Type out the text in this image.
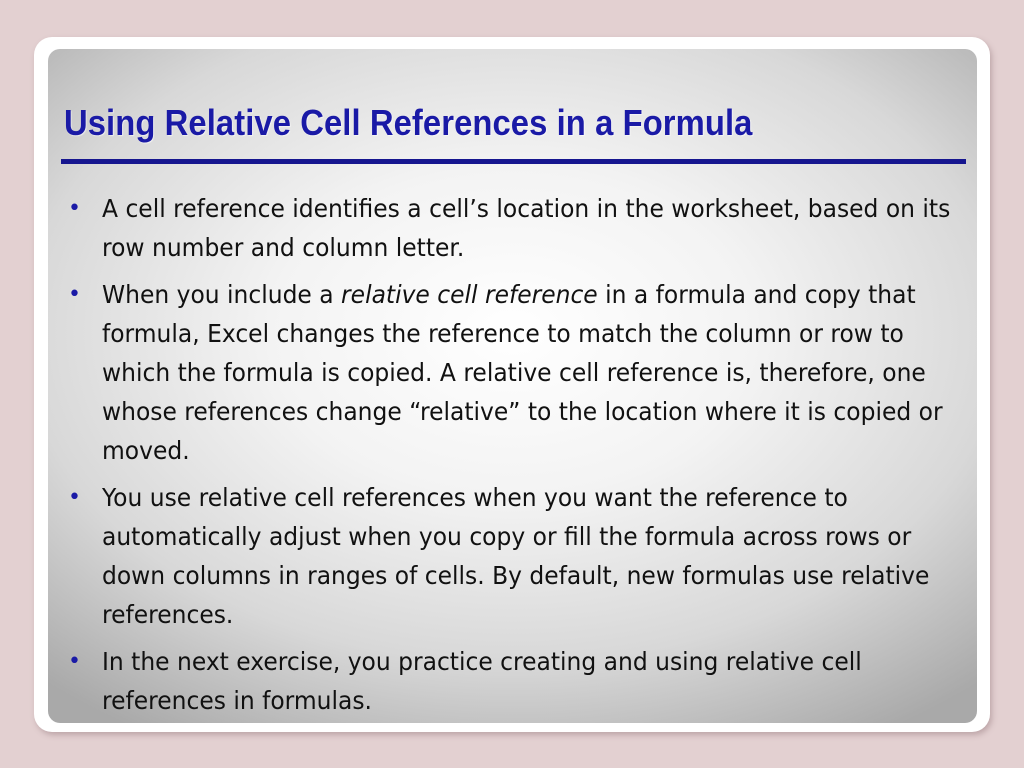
Using Relative Cell References in a Formula
• A cell reference identifies a cell’s location in the worksheet, based on its row number and column letter.
• When you include a relative cell reference in a formula and copy that formula, Excel changes the reference to match the column or row to which the formula is copied. A relative cell reference is, therefore, one whose references change “relative” to the location where it is copied or moved.
• You use relative cell references when you want the reference to automatically adjust when you copy or fill the formula across rows or down columns in ranges of cells. By default, new formulas use relative references.
• In the next exercise, you practice creating and using relative cell references in formulas.
